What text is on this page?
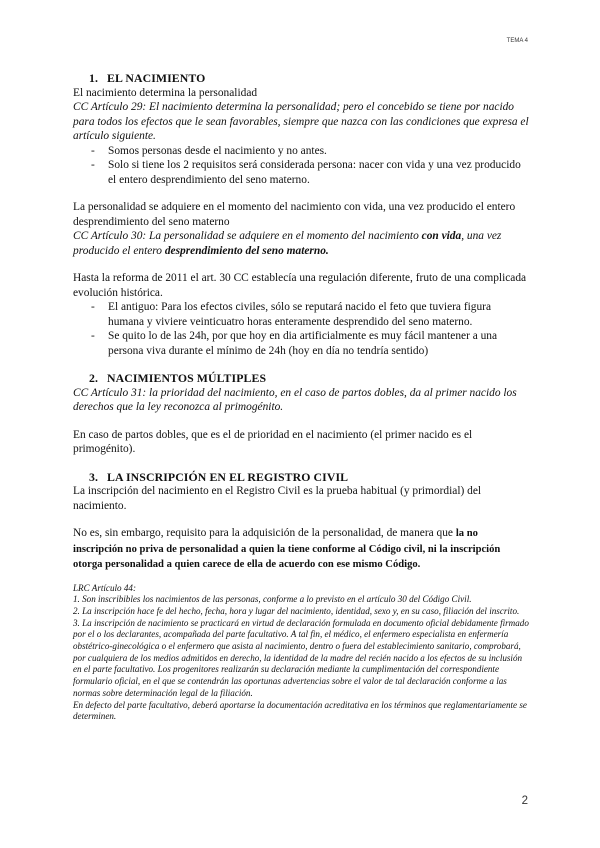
TEMA 4
1. EL NACIMIENTO

El nacimiento determina la personalidad

CC Artículo 29: El nacimiento determina la personalidad; pero el concebido se tiene por nacido para todos los efectos que le sean favorables, siempre que nazca con las condiciones que expresa el artículo siguiente.

- Somos personas desde el nacimiento y no antes.
- Solo si tiene los 2 requisitos será considerada persona: nacer con vida y una vez producido el entero desprendimiento del seno materno.

La personalidad se adquiere en el momento del nacimiento con vida, una vez producido el entero desprendimiento del seno materno

CC Artículo 30: La personalidad se adquiere en el momento del nacimiento con vida, una vez producido el entero desprendimiento del seno materno.

Hasta la reforma de 2011 el art. 30 CC establecía una regulación diferente, fruto de una complicada evolución histórica.

- El antiguo: Para los efectos civiles, sólo se reputará nacido el feto que tuviera figura humana y viviere veinticuatro horas enteramente desprendido del seno materno.
- Se quito lo de las 24h, por que hoy en dia artificialmente es muy fácil mantener a una persona viva durante el mínimo de 24h (hoy en día no tendría sentido)
2. NACIMIENTOS MÚLTIPLES

CC Artículo 31: la prioridad del nacimiento, en el caso de partos dobles, da al primer nacido los derechos que la ley reconozca al primogénito.

En caso de partos dobles, que es el de prioridad en el nacimiento (el primer nacido es el primogénito).

3. LA INSCRIPCIÓN EN EL REGISTRO CIVIL

La inscripción del nacimiento en el Registro Civil es la prueba habitual (y primordial) del nacimiento.

No es, sin embargo, requisito para la adquisición de la personalidad, de manera que la no inscripción no priva de personalidad a quien la tiene conforme al Código civil, ni la inscripción otorga personalidad a quien carece de ella de acuerdo con ese mismo Código.

LRC Artículo 44:

1. Son inscribibles los nacimientos de las personas, conforme a lo previsto en el artículo 30 del Código Civil.

2. La inscripción hace fe del hecho, fecha, hora y lugar del nacimiento, identidad, sexo y, en su caso, filiación del inscrito.

3. La inscripción de nacimiento se practicará en virtud de declaración formulada en documento oficial debidamente firmado por el o los declarantes, acompañada del parte facultativo. A tal fin, el médico, el enfermero especialista en enfermería obstétrico-ginecológica o el enfermero que asista al nacimiento, dentro o fuera del establecimiento sanitario, comprobará, por cualquiera de los medios admitidos en derecho, la identidad de la madre del recién nacido a los efectos de su inclusión en el parte facultativo. Los progenitores realizarán su declaración mediante la cumplimentación del correspondiente formulario oficial, en el que se contendrán las oportunas advertencias sobre el valor de tal declaración conforme a las normas sobre determinación legal de la filiación.

En defecto del parte facultativo, deberá aportarse la documentación acreditativa en los términos que reglamentariamente se determinen.

2
